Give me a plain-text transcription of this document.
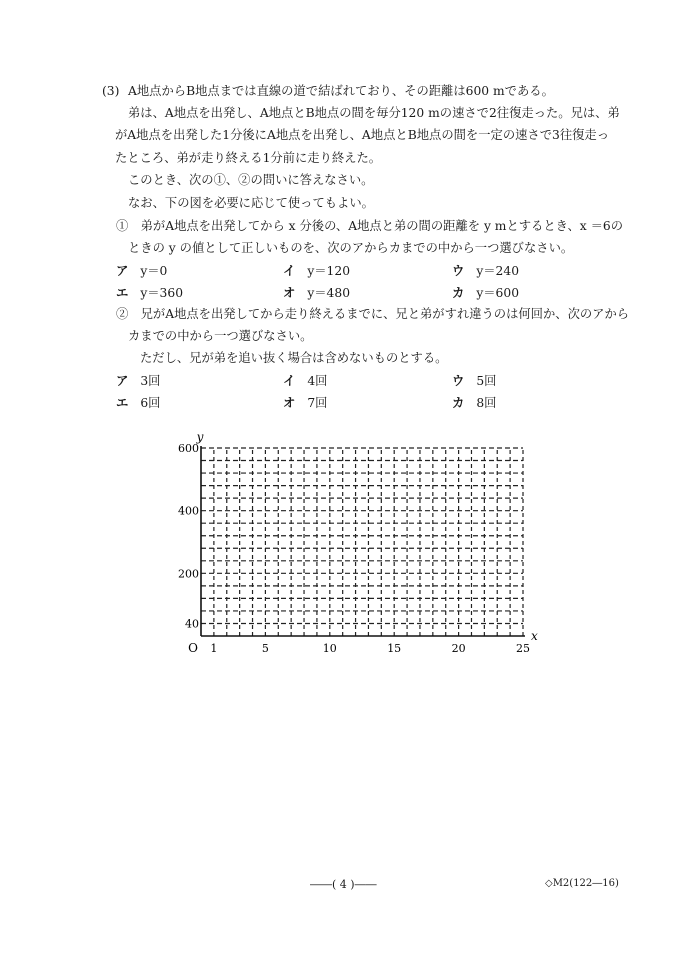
(3) A地点からB地点までは直線の道で結ばれており、その距離は600 mである。
弟は、A地点を出発し、A地点とB地点の間を毎分120 mの速さで2往復走った。兄は、弟
がA地点を出発した1分後にA地点を出発し、A地点とB地点の間を一定の速さで3往復走っ
たところ、弟が走り終える1分前に走り終えた。
このとき、次の①、②の問いに答えなさい。
なお、下の図を必要に応じて使ってもよい。
①　弟がA地点を出発してから x 分後の、A地点と弟の間の距離を y mとするとき、x ＝6の
ときの y の値として正しいものを、次のアからカまでの中から一つ選びなさい。
ア y＝0	イ y＝120	ウ y＝240
エ y＝360	オ y＝480	カ y＝600
②　兄がA地点を出発してから走り終えるまでに、兄と弟がすれ違うのは何回か、次のアから
カまでの中から一つ選びなさい。
ただし、兄が弟を追い抜く場合は含めないものとする。
ア 3回	イ 4回	ウ 5回
エ 6回	オ 7回	カ 8回
1	5	10	15	20	25
40
200
400
600
O
x
y
――( 4 )――	◇M2(122―16)
